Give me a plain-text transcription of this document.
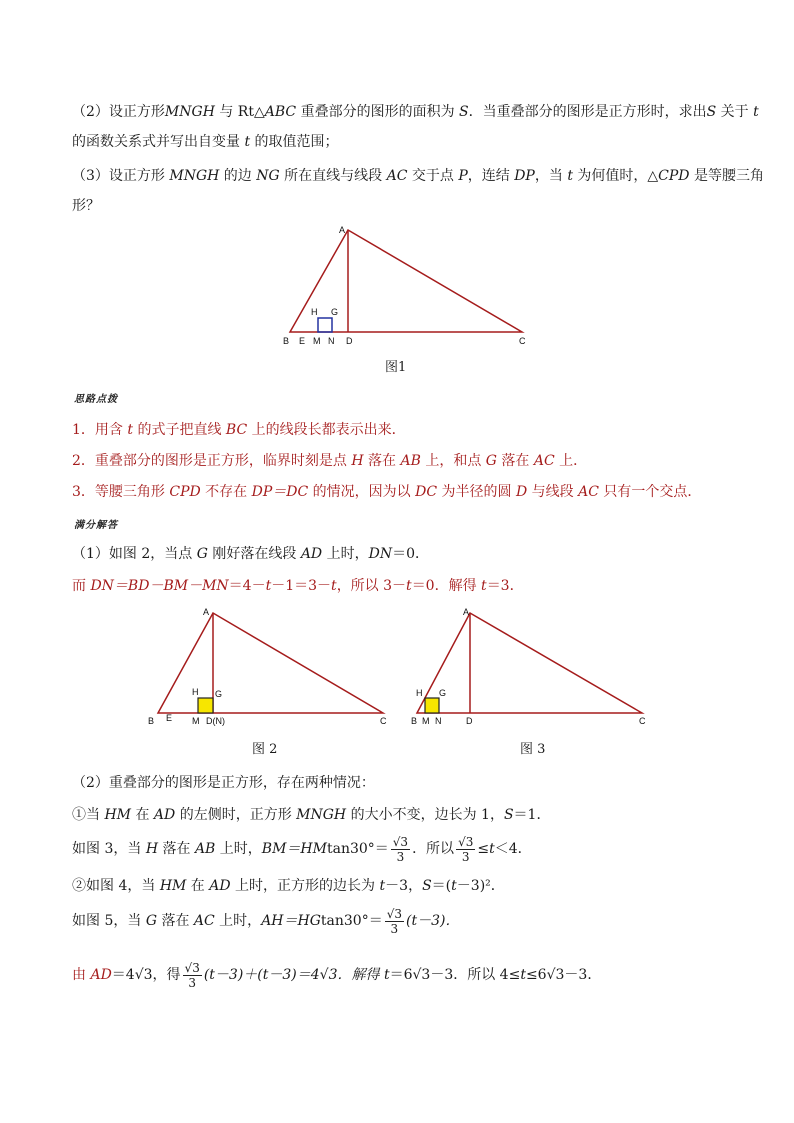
（2）设正方形MNGH 与 Rt△ABC 重叠部分的图形的面积为 S．当重叠部分的图形是正方形时，求出S 关于 t
的函数关系式并写出自变量 t 的取值范围；
（3）设正方形 MNGH 的边 NG 所在直线与线段 AC 交于点 P，连结 DP，当 t 为何值时，△CPD 是等腰三角
形？
A
H G
B E M N D	C
图1
思路点拨
1．用含 t 的式子把直线 BC 上的线段长都表示出来．
2．重叠部分的图形是正方形，临界时刻是点 H 落在 AB 上，和点 G 落在 AC 上．
3．等腰三角形 CPD 不存在 DP＝DC 的情况，因为以 DC 为半径的圆 D 与线段 AC 只有一个交点．
满分解答
（1）如图 2，当点 G 刚好落在线段 AD 上时，DN＝0．
而 DN＝BD－BM－MN＝4－t－1＝3－t，所以 3－t＝0．解得 t＝3．
A
H G
B E M D(N)	C
图 2
A
H G
B M N	D	C
图 3
（2）重叠部分的图形是正方形，存在两种情况：
①当 HM 在 AD 的左侧时，正方形 MNGH 的大小不变，边长为 1，S＝1．
如图 3，当 H 落在 AB 上时，$BM=HMtan30^\circ= \frac{√3}{3}$ ．所以 $\frac{√3}{3} \le t<4$．
②如图 4，当 HM 在 AD 上时，正方形的边长为 t－3，S＝(t－3)²．
如图 5，当 G 落在 AC 上时，$AH=HGtan30^\circ= \frac{√3}{3} (t-3)$．
由 AD＝4√3，得 $\frac{√3}{3} (t-3)+(t-3)=4√3$．解得 t＝6√3－3．所以 4≤t≤6√3－3．
